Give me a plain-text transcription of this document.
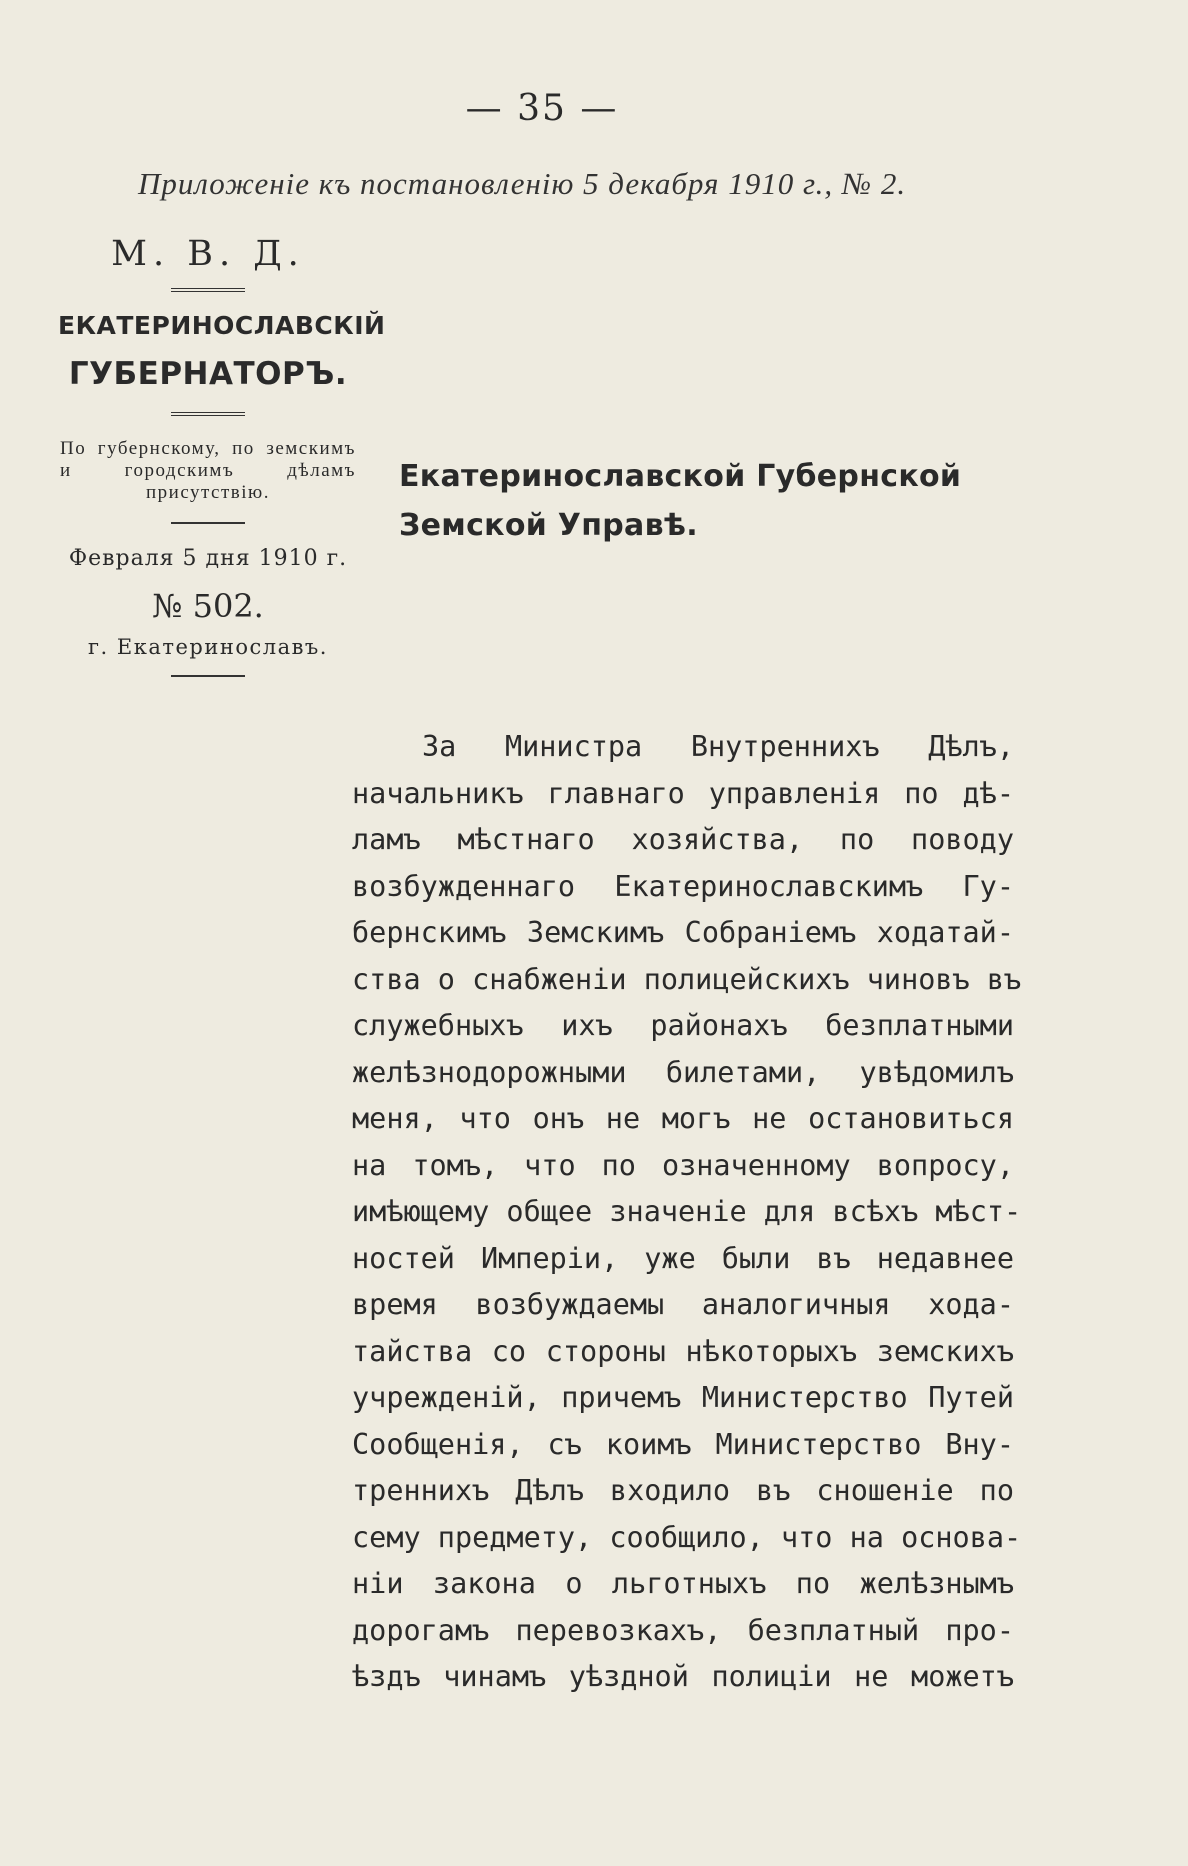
— 35 —
Приложенiе къ постановленiю 5 декабря 1910 г., № 2.
М. В. Д.
ЕКАТЕРИНОСЛАВСКIЙ
ГУБЕРНАТОРЪ.
По губернскому, по земскимъ и городскимъ дѣламъ присутствiю.
Февраля 5 дня 1910 г.
№ 502.
г. Екатеринославъ.
Екатеринославской Губернской Земской Управѣ.
За Министра Внутреннихъ Дѣлъ,
начальникъ главнаго управленiя по дѣ-
ламъ мѣстнаго хозяйства, по поводу
возбужденнаго Екатеринославскимъ Гу-
бернскимъ Земскимъ Собранiемъ ходатай-
ства о снабженiи полицейскихъ чиновъ въ
служебныхъ ихъ районахъ безплатными
желѣзнодорожными билетами, увѣдомилъ
меня, что онъ не могъ не остановиться
на томъ, что по означенному вопросу,
имѣющему общее значенiе для всѣхъ мѣст-
ностей Имперiи, уже были въ недавнее
время возбуждаемы аналогичныя хода-
тайства со стороны нѣкоторыхъ земскихъ
учрежденiй, причемъ Министерство Путей
Сообщенiя, съ коимъ Министерство Вну-
треннихъ Дѣлъ входило въ сношенiе по
сему предмету, сообщило, что на основа-
нiи закона о льготныхъ по желѣзнымъ
дорогамъ перевозкахъ, безплатный про-
ѣздъ чинамъ уѣздной полицiи не можетъ
